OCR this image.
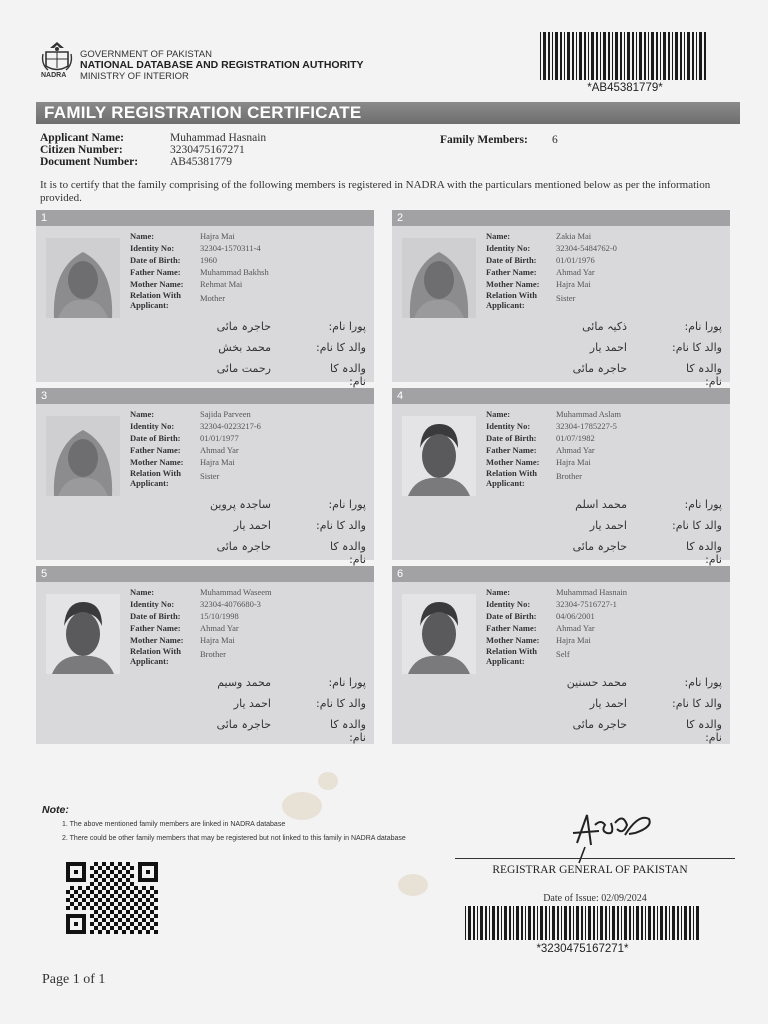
NADRA
GOVERNMENT OF PAKISTAN
NATIONAL DATABASE AND REGISTRATION AUTHORITY
MINISTRY OF INTERIOR
*AB45381779*
FAMILY REGISTRATION CERTIFICATE
Applicant Name:	Muhammad Hasnain
Citizen Number:	3230475167271
Document Number:	AB45381779
Family Members: 6
It is to certify that the family comprising of the following members is registered in NADRA with the particulars mentioned below as per the information provided.
1
Name:	Hajra Mai
Identity No:	32304-1570311-4
Date of Birth: 1960
Father Name: Muhammad Bakhsh
Mother Name: Rehmat Mai
Relation With Applicant:
Mother
پورا نام:
حاجرہ مائی
والد کا نام:
محمد بخش
والدہ کا نام:
رحمت مائی
2
Name:	Zakia Mai
Identity No:	32304-5484762-0
Date of Birth: 01/01/1976
Father Name: Ahmad Yar
Mother Name: Hajra Mai
Relation With Applicant:
Sister
پورا نام:
ذکیہ مائی
والد کا نام:
احمد یار
والدہ کا نام:
حاجرہ مائی
3
Name:	Sajida Parveen
Identity No:	32304-0223217-6
Date of Birth: 01/01/1977
Father Name: Ahmad Yar
Mother Name: Hajra Mai
Relation With Applicant:
Sister
پورا نام:
ساجدہ پروین
والد کا نام:
احمد یار
والدہ کا نام:
حاجرہ مائی
4
Name:	Muhammad Aslam
Identity No:	32304-1785227-5
Date of Birth: 01/07/1982
Father Name: Ahmad Yar
Mother Name: Hajra Mai
Relation With Applicant:
Brother
پورا نام:
محمد اسلم
والد کا نام:
احمد یار
والدہ کا نام:
حاجرہ مائی
5
Name:	Muhammad Waseem
Identity No:	32304-4076680-3
Date of Birth: 15/10/1998
Father Name: Ahmad Yar
Mother Name: Hajra Mai
Relation With Applicant:
Brother
پورا نام:
محمد وسیم
والد کا نام:
احمد یار
والدہ کا نام:
حاجرہ مائی
6
Name:	Muhammad Hasnain
Identity No:	32304-7516727-1
Date of Birth: 04/06/2001
Father Name: Ahmad Yar
Mother Name: Hajra Mai
Relation With Applicant:
Self
پورا نام:
محمد حسنین
والد کا نام:
احمد یار
والدہ کا نام:
حاجرہ مائی
Note:
1. The above mentioned family members are linked in NADRA database
2. There could be other family members that may be registered but not linked to this family in NADRA database
REGISTRAR GENERAL OF PAKISTAN
Date of Issue: 02/09/2024
*3230475167271*
Page 1 of 1
